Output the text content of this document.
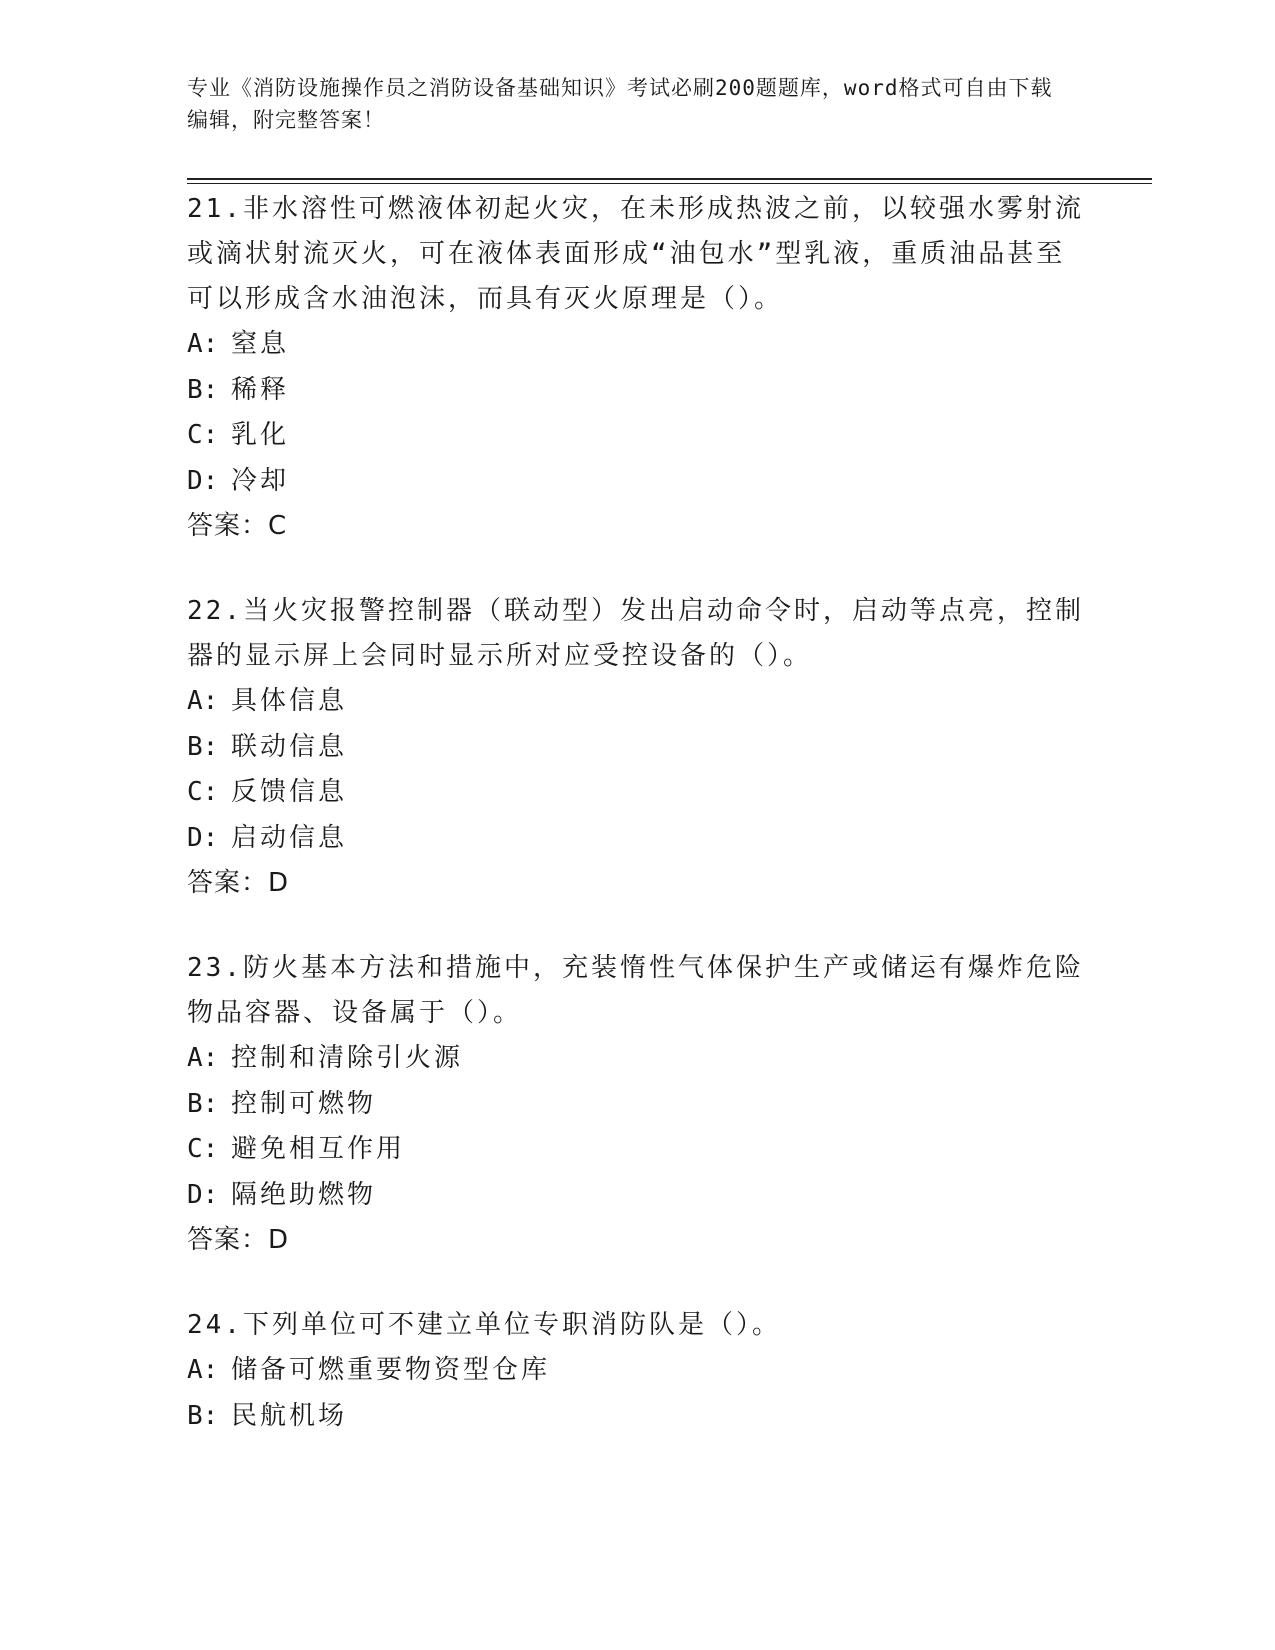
专业《消防设施操作员之消防设备基础知识》考试必刷200题题库，word格式可自由下载编辑，附完整答案！

21.非水溶性可燃液体初起火灾，在未形成热波之前，以较强水雾射流或滴状射流灭火，可在液体表面形成“油包水”型乳液，重质油品甚至可以形成含水油泡沫，而具有灭火原理是（）。

A: 窒息

B: 稀释

C: 乳化

D: 冷却

答案：C

22.当火灾报警控制器（联动型）发出启动命令时，启动等点亮，控制器的显示屏上会同时显示所对应受控设备的（）。

A: 具体信息

B: 联动信息

C: 反馈信息

D: 启动信息

答案：D

23.防火基本方法和措施中，充装惰性气体保护生产或储运有爆炸危险物品容器、设备属于（）。

A: 控制和清除引火源

B: 控制可燃物

C: 避免相互作用

D: 隔绝助燃物

答案：D

24.下列单位可不建立单位专职消防队是（）。

A: 储备可燃重要物资型仓库

B: 民航机场
